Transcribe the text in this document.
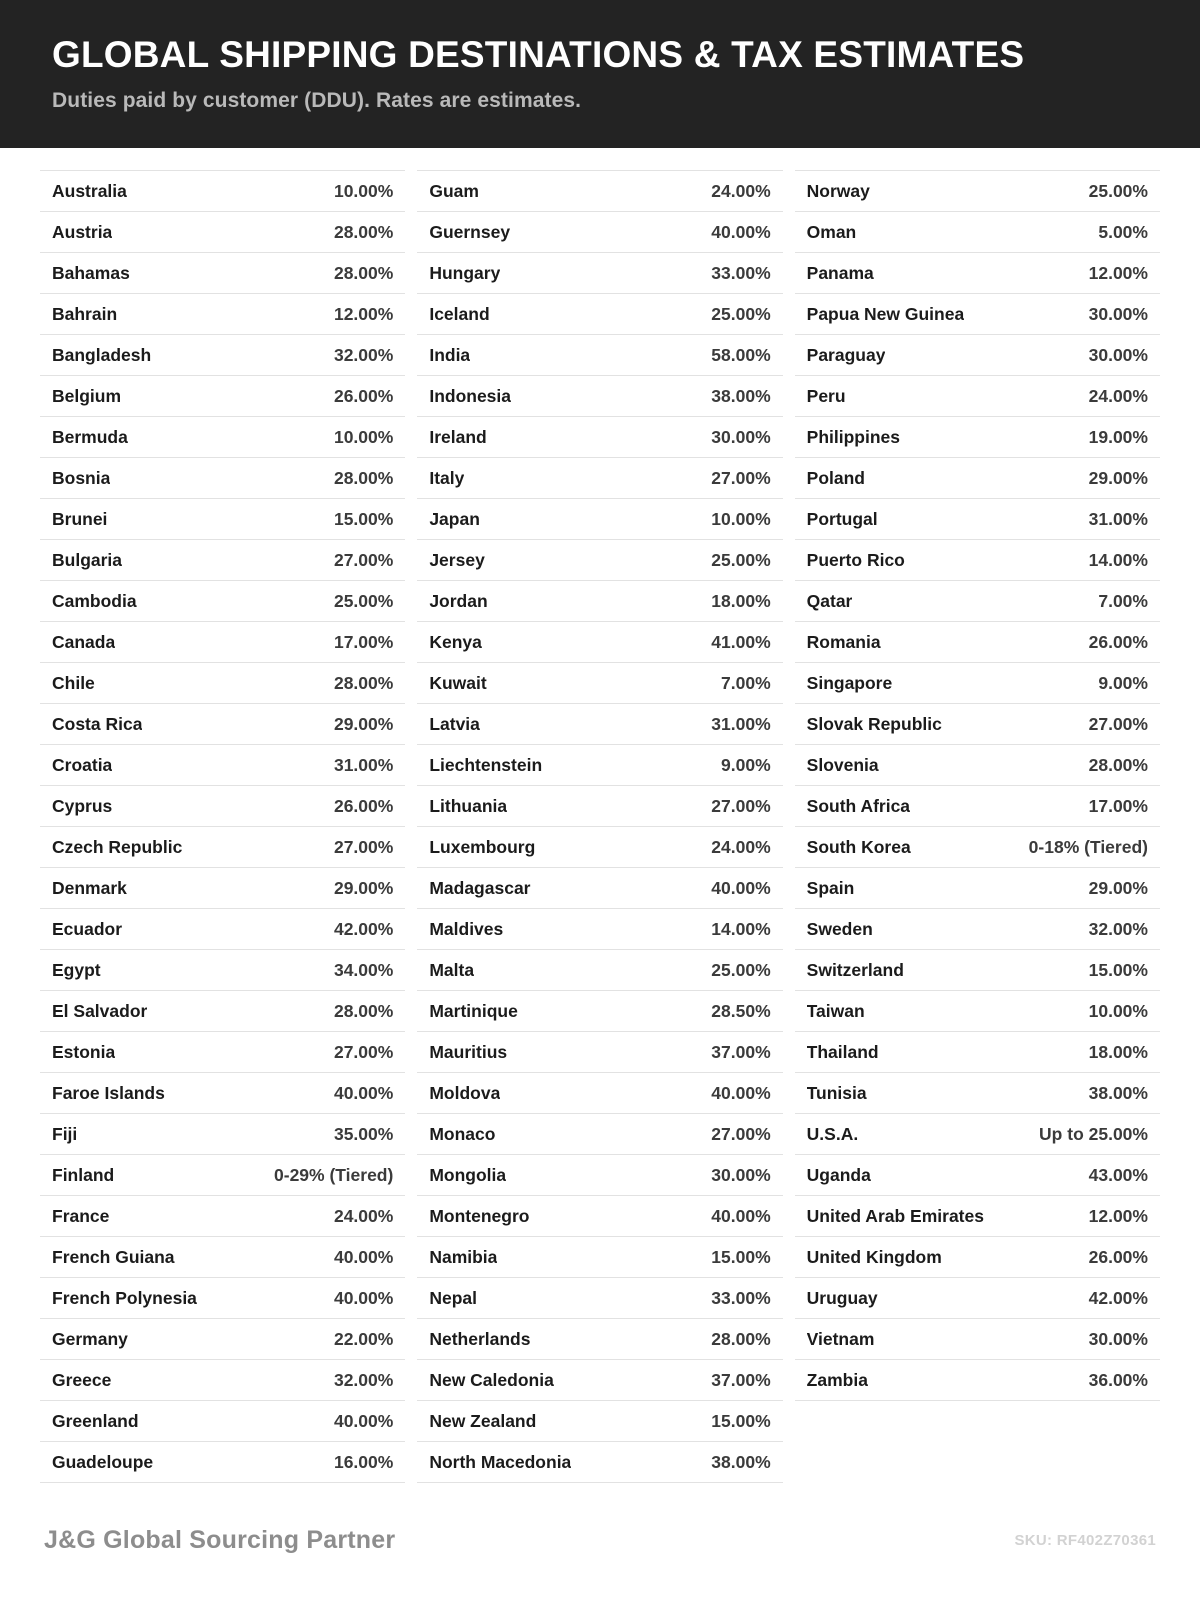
GLOBAL SHIPPING DESTINATIONS & TAX ESTIMATES
Duties paid by customer (DDU). Rates are estimates.
Australia	10.00%
Austria	28.00%
Bahamas	28.00%
Bahrain	12.00%
Bangladesh	32.00%
Belgium	26.00%
Bermuda	10.00%
Bosnia	28.00%
Brunei	15.00%
Bulgaria	27.00%
Cambodia	25.00%
Canada	17.00%
Chile	28.00%
Costa Rica	29.00%
Croatia	31.00%
Cyprus	26.00%
Czech Republic	27.00%
Denmark	29.00%
Ecuador	42.00%
Egypt	34.00%
El Salvador	28.00%
Estonia	27.00%
Faroe Islands	40.00%
Fiji	35.00%
Finland	0-29% (Tiered)
France	24.00%
French Guiana	40.00%
French Polynesia	40.00%
Germany	22.00%
Greece	32.00%
Greenland	40.00%
Guadeloupe	16.00%
Guam	24.00%
Guernsey	40.00%
Hungary	33.00%
Iceland	25.00%
India	58.00%
Indonesia	38.00%
Ireland	30.00%
Italy	27.00%
Japan	10.00%
Jersey	25.00%
Jordan	18.00%
Kenya	41.00%
Kuwait	7.00%
Latvia	31.00%
Liechtenstein	9.00%
Lithuania	27.00%
Luxembourg	24.00%
Madagascar	40.00%
Maldives	14.00%
Malta	25.00%
Martinique	28.50%
Mauritius	37.00%
Moldova	40.00%
Monaco	27.00%
Mongolia	30.00%
Montenegro	40.00%
Namibia	15.00%
Nepal	33.00%
Netherlands	28.00%
New Caledonia	37.00%
New Zealand	15.00%
North Macedonia	38.00%
Norway	25.00%
Oman	5.00%
Panama	12.00%
Papua New Guinea	30.00%
Paraguay	30.00%
Peru	24.00%
Philippines	19.00%
Poland	29.00%
Portugal	31.00%
Puerto Rico	14.00%
Qatar	7.00%
Romania	26.00%
Singapore	9.00%
Slovak Republic	27.00%
Slovenia	28.00%
South Africa	17.00%
South Korea	0-18% (Tiered)
Spain	29.00%
Sweden	32.00%
Switzerland	15.00%
Taiwan	10.00%
Thailand	18.00%
Tunisia	38.00%
U.S.A.	Up to 25.00%
Uganda	43.00%
United Arab Emirates	12.00%
United Kingdom	26.00%
Uruguay	42.00%
Vietnam	30.00%
Zambia	36.00%
J&G Global Sourcing Partner	SKU: RF402Z70361
